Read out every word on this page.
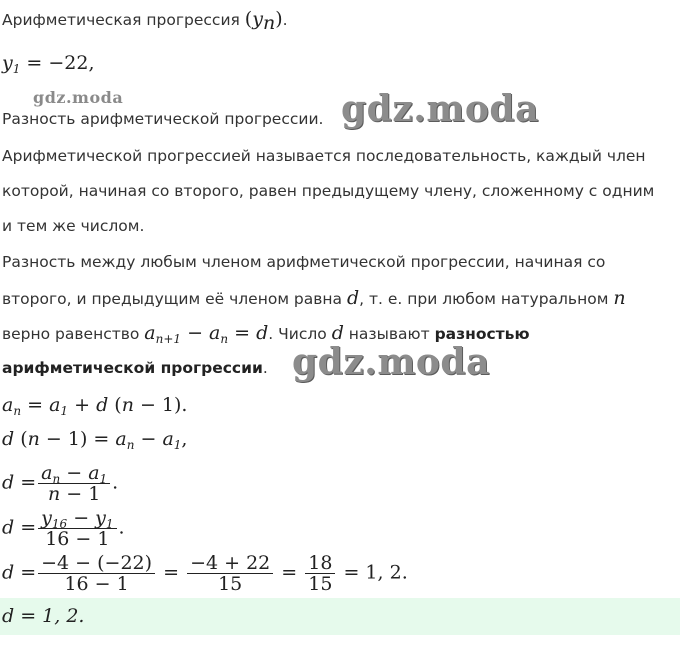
Арифметическая прогрессия $(y_n)$.
$y_1 = -22$,
gdz.moda
Разность арифметической прогрессии. gdz.moda
Арифметической прогрессией называется последовательность, каждый член
которой, начиная со второго, равен предыдущему члену, сложенному с одним
и тем же числом.
Разность между любым членом арифметической прогрессии, начиная со
второго, и предыдущим её членом равна d, т. е. при любом натуральном n
верно равенство $a_{n+1} - a_n = d$. Число d называют разностью
арифметической прогрессии. gdz.moda
$a_n = a_1 + d$ (n − 1).
d $(n - 1) = a_n - a_1$,
$d = \frac{a_n - a_1}{n - 1}$ .
$d = \frac{y_{16} - y_1}{16 - 1}$ .
$d = \frac{-4 - (-22)}{16 - 1} = \frac{-4 + 22}{15} = \frac{18}{15} = 1$, 2.
d = 1, 2.
